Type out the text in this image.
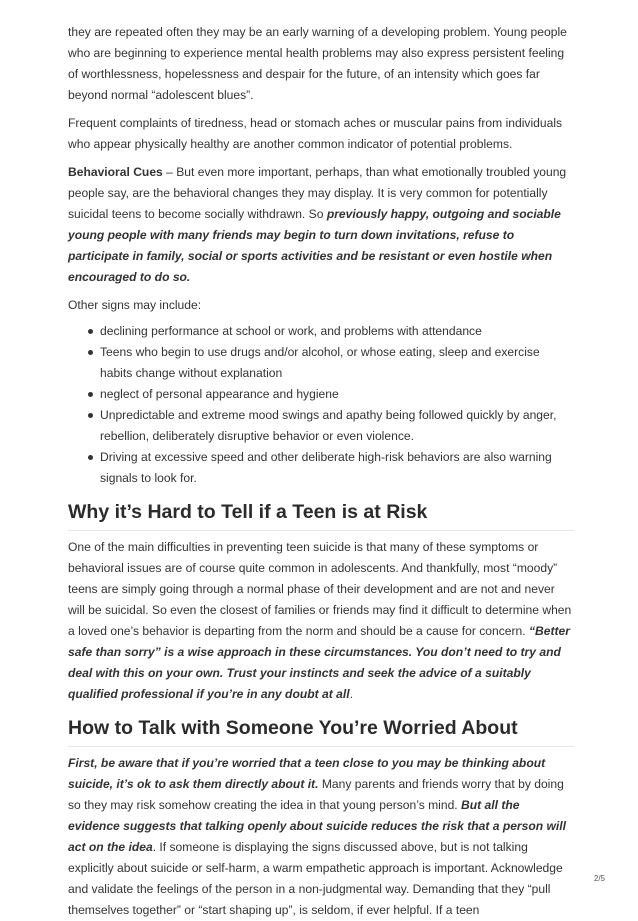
they are repeated often they may be an early warning of a developing problem. Young people who are beginning to experience mental health problems may also express persistent feeling of worthlessness, hopelessness and despair for the future, of an intensity which goes far beyond normal “adolescent blues”.

Frequent complaints of tiredness, head or stomach aches or muscular pains from individuals who appear physically healthy are another common indicator of potential problems.

Behavioral Cues – But even more important, perhaps, than what emotionally troubled young people say, are the behavioral changes they may display. It is very common for potentially suicidal teens to become socially withdrawn. So previously happy, outgoing and sociable young people with many friends may begin to turn down invitations, refuse to participate in family, social or sports activities and be resistant or even hostile when encouraged to do so.

Other signs may include:

declining performance at school or work, and problems with attendance
Teens who begin to use drugs and/or alcohol, or whose eating, sleep and exercise habits change without explanation
neglect of personal appearance and hygiene
Unpredictable and extreme mood swings and apathy being followed quickly by anger, rebellion, deliberately disruptive behavior or even violence.
Driving at excessive speed and other deliberate high-risk behaviors are also warning signals to look for.
Why it’s Hard to Tell if a Teen is at Risk

One of the main difficulties in preventing teen suicide is that many of these symptoms or behavioral issues are of course quite common in adolescents. And thankfully, most “moody” teens are simply going through a normal phase of their development and are not and never will be suicidal. So even the closest of families or friends may find it difficult to determine when a loved one’s behavior is departing from the norm and should be a cause for concern. “Better safe than sorry” is a wise approach in these circumstances. You don’t need to try and deal with this on your own. Trust your instincts and seek the advice of a suitably qualified professional if you’re in any doubt at all.

How to Talk with Someone You’re Worried About

First, be aware that if you’re worried that a teen close to you may be thinking about suicide, it’s ok to ask them directly about it. Many parents and friends worry that by doing so they may risk somehow creating the idea in that young person’s mind. But all the evidence suggests that talking openly about suicide reduces the risk that a person will act on the idea. If someone is displaying the signs discussed above, but is not talking explicitly about suicide or self-harm, a warm empathetic approach is important. Acknowledge and validate the feelings of the person in a non-judgmental way. Demanding that they “pull themselves together” or “start shaping up”, is seldom, if ever helpful. If a teen

2/5
